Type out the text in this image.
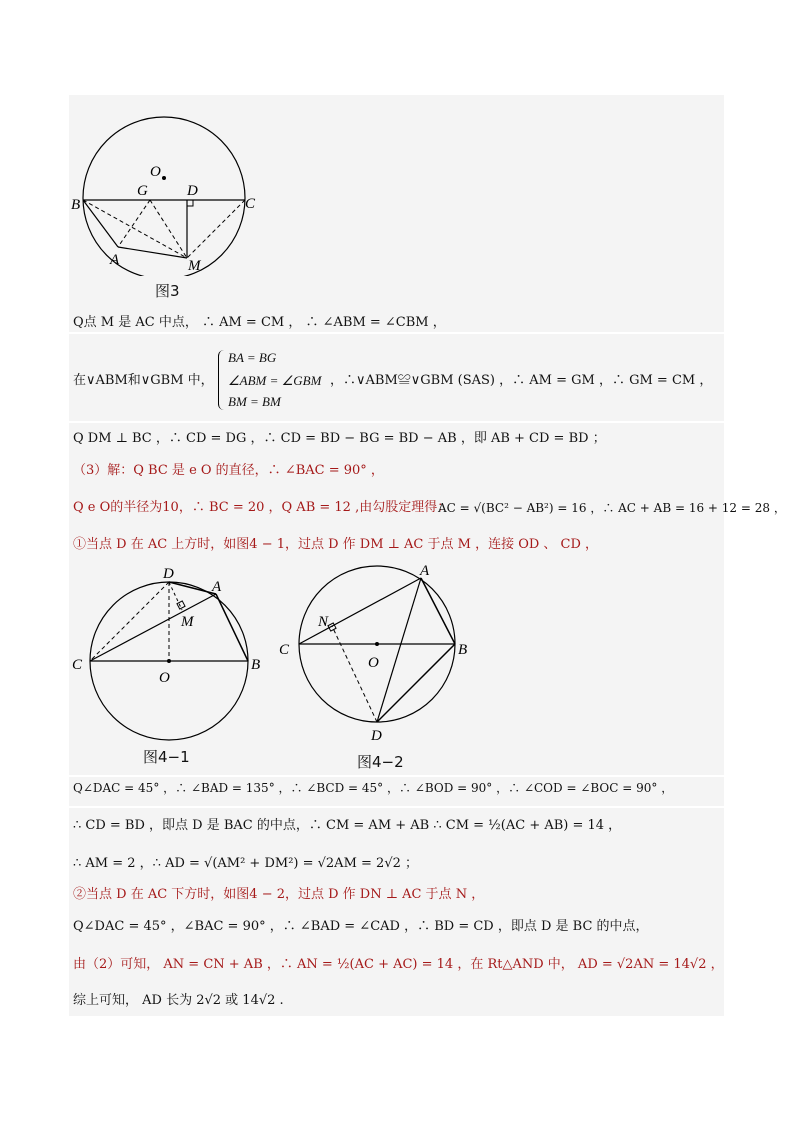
O
B
G	D
C
A	M
图3
Q点 M 是 AC 中点， ∴ AM = CM ， ∴ ∠ABM = ∠CBM ，
在∨ABM和∨GBM 中，
BA = BG
∠ABM = ∠GBM
BM = BM
，∴∨ABM≌∨GBM (SAS) ，∴ AM = GM ，∴ GM = CM ，
Q DM ⊥ BC ，∴ CD = DG ，∴ CD = BD − BG = BD − AB ，即 AB + CD = BD ；
（3）解：Q BC 是 e O 的直径，∴ ∠BAC = 90° ，
Q e O的半径为10，∴ BC = 20 ，Q AB = 12 ,由勾股定理得：
AC = √(BC² − AB²) = 16 ，∴ AC + AB = 16 + 12 = 28 ，
①当点 D 在 AC 上方时，如图4 − 1，过点 D 作 DM ⊥ AC 于点 M ，连接 OD 、 CD ，
D
A
M
C
O
B
图4−1
A
N
C
O
B
D
图4−2
Q∠DAC = 45° ，∴ ∠BAD = 135° ，∴ ∠BCD = 45° ，∴ ∠BOD = 90° ，∴ ∠COD = ∠BOC = 90° ，
∴ CD = BD ，即点 D 是 BAC 的中点，∴ CM = AM + AB ∴ CM = ½(AC + AB) = 14 ，
∴ AM = 2 ，∴ AD = √(AM² + DM²) = √2AM = 2√2 ；
②当点 D 在 AC 下方时，如图4 − 2，过点 D 作 DN ⊥ AC 于点 N ，
Q∠DAC = 45° ，∠BAC = 90° ，∴ ∠BAD = ∠CAD ，∴ BD = CD ，即点 D 是 BC 的中点，
由（2）可知， AN = CN + AB ，∴ AN = ½(AC + AC) = 14 ，在 Rt△AND 中， AD = √2AN = 14√2 ，
综上可知， AD 长为 2√2 或 14√2 .
